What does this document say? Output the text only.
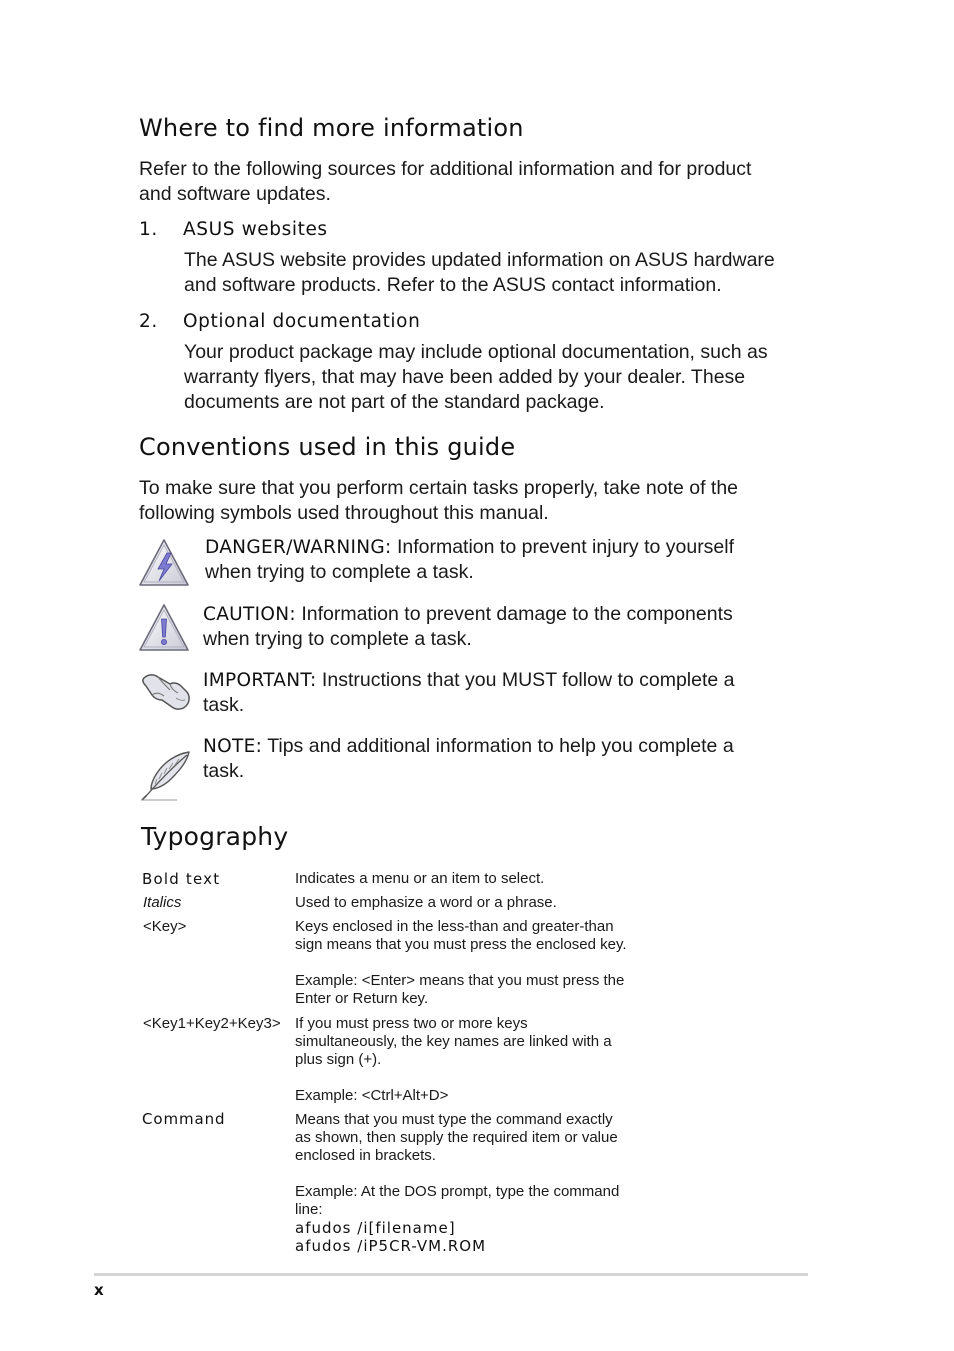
Where to find more information
Refer to the following sources for additional information and for product
and software updates.
1. ASUS websites
The ASUS website provides updated information on ASUS hardware
and software products. Refer to the ASUS contact information.
2. Optional documentation
Your product package may include optional documentation, such as
warranty flyers, that may have been added by your dealer. These
documents are not part of the standard package.
Conventions used in this guide
To make sure that you perform certain tasks properly, take note of the
following symbols used throughout this manual.
DANGER/WARNING: Information to prevent injury to yourself
when trying to complete a task.
CAUTION: Information to prevent damage to the components
when trying to complete a task.
IMPORTANT: Instructions that you MUST follow to complete a
task.
NOTE: Tips and additional information to help you complete a
task.
Typography
Bold text	Indicates a menu or an item to select.
Italics	Used to emphasize a word or a phrase.
<Key>	Keys enclosed in the less-than and greater-than
sign means that you must press the enclosed key.
Example: <Enter> means that you must press the
Enter or Return key.
<Key1+Key2+Key3> If you must press two or more keys
simultaneously, the key names are linked with a
plus sign (+).
Example: <Ctrl+Alt+D>
Command	Means that you must type the command exactly
as shown, then supply the required item or value
enclosed in brackets.
Example: At the DOS prompt, type the command
line:
afudos /i[filename]
afudos /iP5CR-VM.ROM
x
